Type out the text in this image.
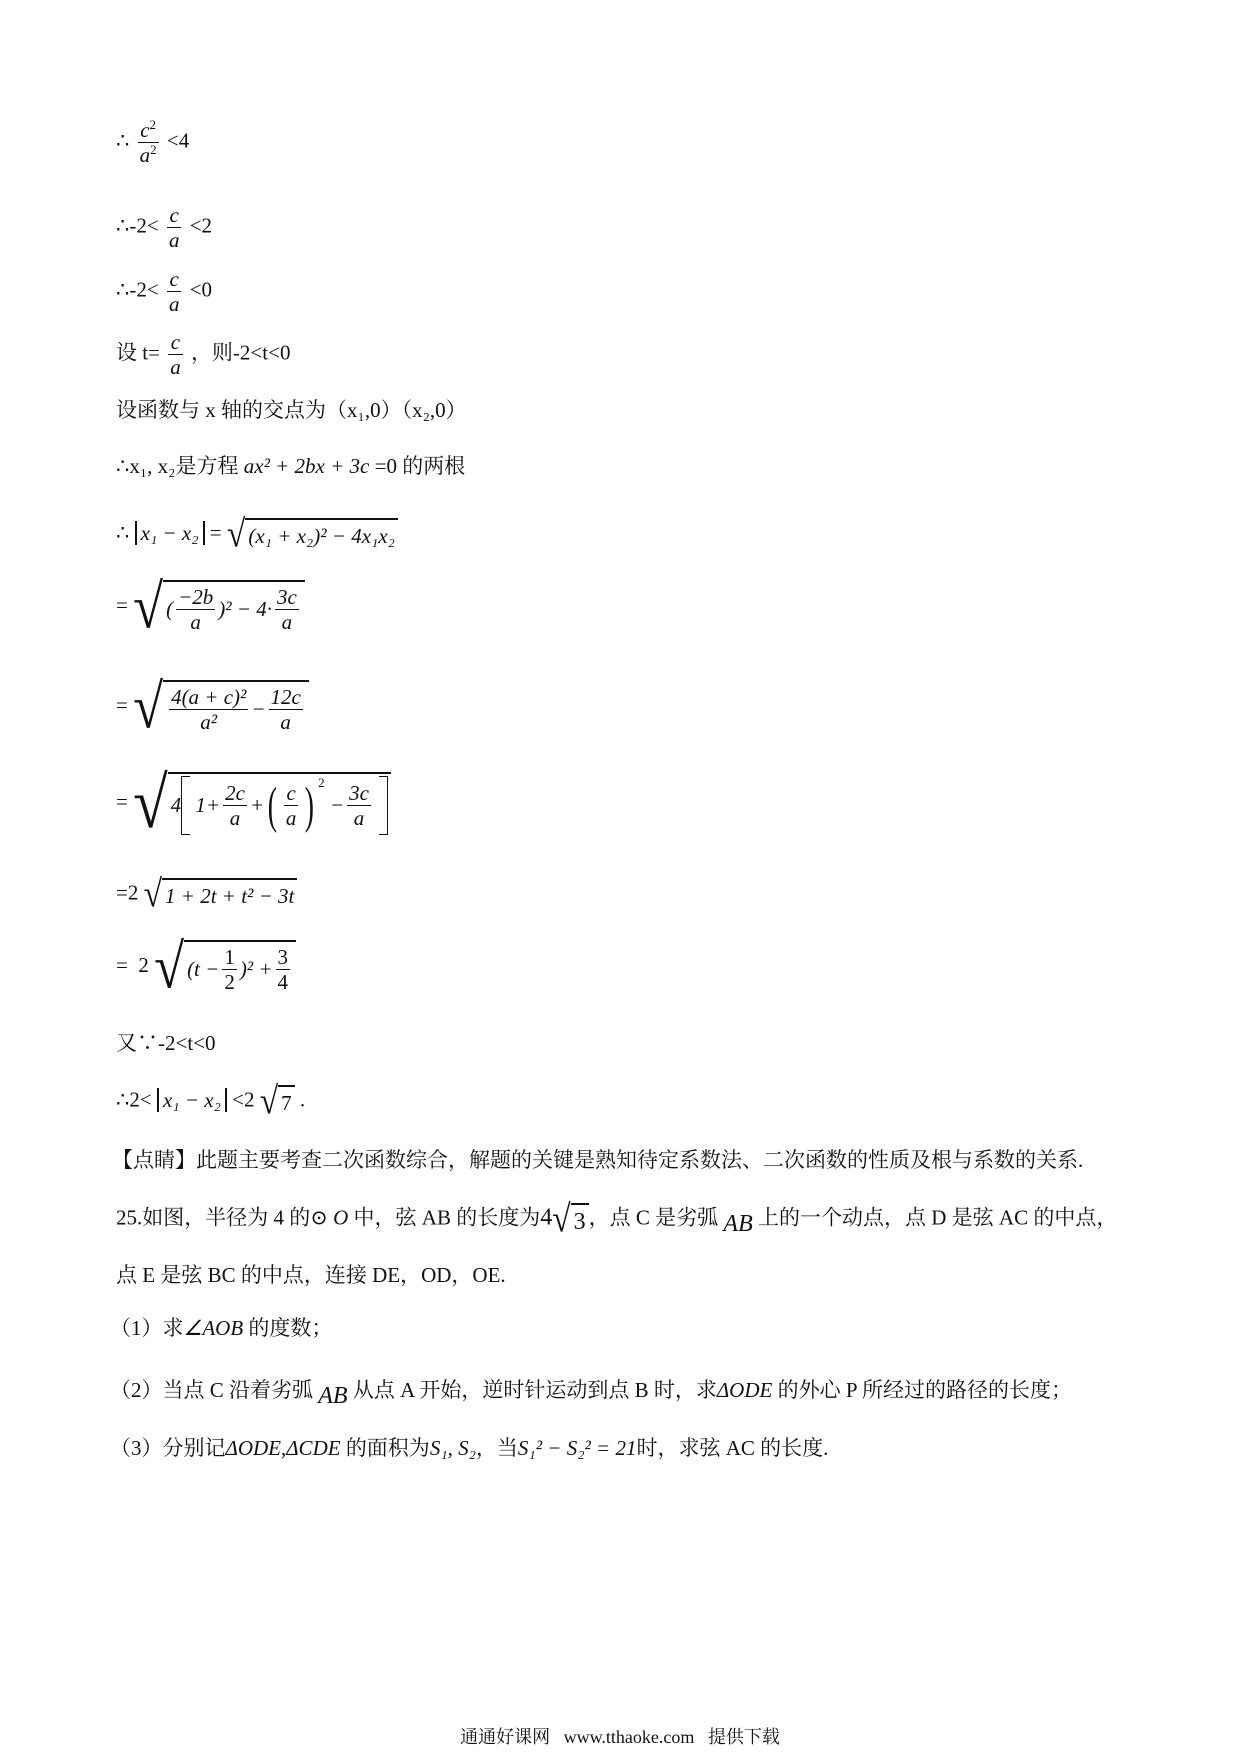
∴ $\frac{c^2}{a^2} <4$
∴-2< $\frac{c}{a} <2$
∴-2< $\frac{c}{a} <0$
设 $t= \frac{c}{a}$ ，则-2<t<0
设函数与 x 轴的交点为（x₁,0）（x₂,0）
∴x₁, x₂是方程 ax² + 2bx + 3c =0 的两根
∴ x₁ − x₂ = √ (x₁ + x₂)² − 4x₁x₂
= √ ( $\frac{-2b}{a} )^2$
− $4\cdot \frac{3c}{a}$
= √ $\frac{\text{4(a + c)²}}{\text{a²}} - \frac{12c}{a}$
= √ 4
$1+ \frac{2c}{a}$ + ( $\frac{c}{a}$ ) 2

− $\frac{3c}{a}$

=2 √ 1 + 2t + t² − 3t
=  2 √ $(t - \frac{1}{2} )^2 + \frac{3}{4}$
又∵-2<t<0
∴2< x₁ − x₂ <2 √ 7 .
【点睛】此题主要考查二次函数综合，解题的关键是熟知待定系数法、二次函数的性质及根与系数的关系.
25.如图，半径为 4 的⊙ O 中，弦 AB 的长度为4 √ 3 ，点 C 是劣弧 AB 上的一个动点，点 D 是弦 AC 的中点，
点 E 是弦 BC 的中点，连接 DE，OD，OE.
（1）求∠AOB 的度数；
（2）当点 C 沿着劣弧 AB 从点 A 开始，逆时针运动到点 B 时，求ΔODE 的外心 P 所经过的路径的长度；
（3）分别记ΔODE,ΔCDE 的面积为S₁, S₂，当S₁² − S₂² = 21时，求弦 AC 的长度.
通通好课网 www.tthaoke.com 提供下载
